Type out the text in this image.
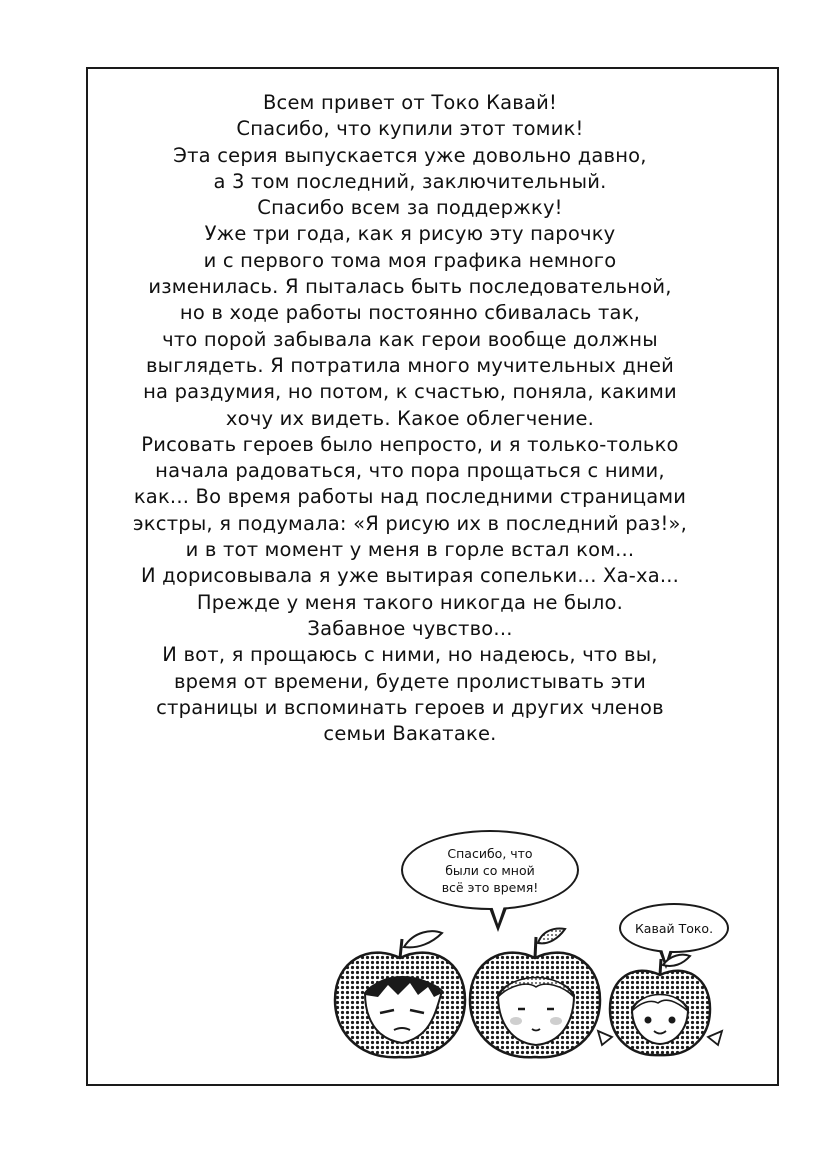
Всем привет от Токо Кавай!
Спасибо, что купили этот томик!
Эта серия выпускается уже довольно давно,
а 3 том последний, заключительный.
Спасибо всем за поддержку!
Уже три года, как я рисую эту парочку
и с первого тома моя графика немного
изменилась. Я пыталась быть последовательной,
но в ходе работы постоянно сбивалась так,
что порой забывала как герои вообще должны
выглядеть. Я потратила много мучительных дней
на раздумия, но потом, к счастью, поняла, какими
хочу их видеть. Какое облегчение.
Рисовать героев было непросто, и я только-только
начала радоваться, что пора прощаться с ними,
как... Во время работы над последними страницами
экстры, я подумала: «Я рисую их в последний раз!»,
и в тот момент у меня в горле встал ком...
И дорисовывала я уже вытирая сопельки... Ха-ха...
Прежде у меня такого никогда не было.
Забавное чувство...
И вот, я прощаюсь с ними, но надеюсь, что вы,
время от времени, будете пролистывать эти
страницы и вспоминать героев и других членов
семьи Вакатаке.
Спасибо, что
были со мной
всё это время!
Кавай Токо.
